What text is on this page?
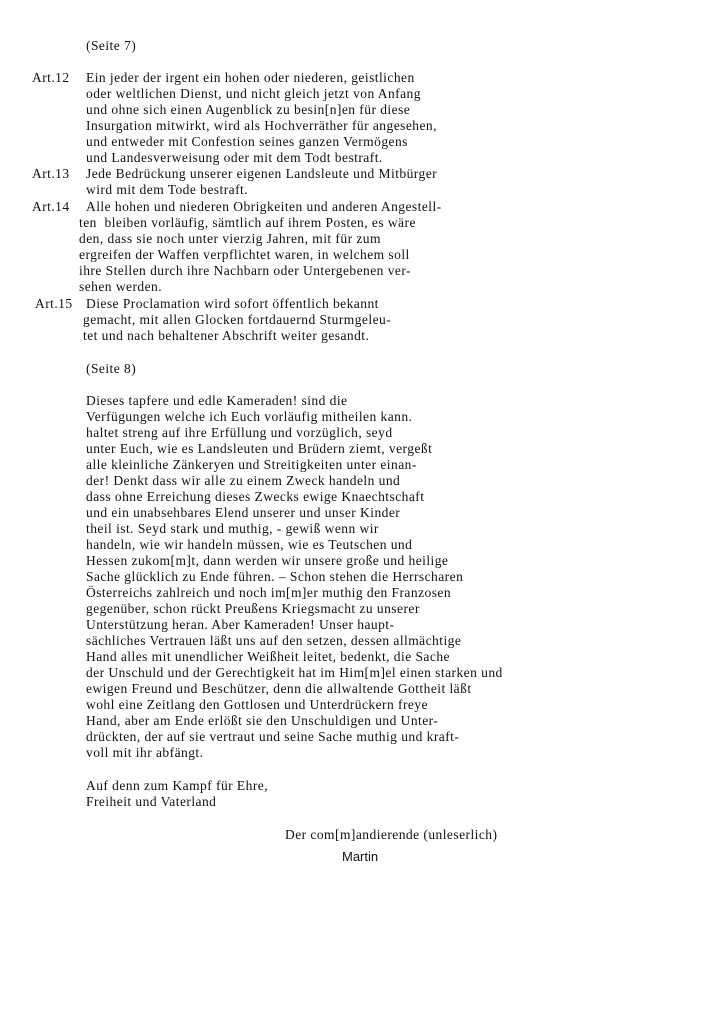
(Seite 7)
Art.12 Ein jeder der irgent ein hohen oder niederen, geistlichen
oder weltlichen Dienst, und nicht gleich jetzt von Anfang
und ohne sich einen Augenblick zu besin[n]en für diese
Insurgation mitwirkt, wird als Hochverräther für angesehen,
und entweder mit Confestion seines ganzen Vermögens
und Landesverweisung oder mit dem Todt bestraft.
Art.13 Jede Bedrückung unserer eigenen Landsleute und Mitbürger
wird mit dem Tode bestraft.
Art.14 Alle hohen und niederen Obrigkeiten und anderen Angestell-
ten  bleiben vorläufig, sämtlich auf ihrem Posten, es wäre
den, dass sie noch unter vierzig Jahren, mit für zum
ergreifen der Waffen verpflichtet waren, in welchem soll
ihre Stellen durch ihre Nachbarn oder Untergebenen ver-
sehen werden.
Art.15 Diese Proclamation wird sofort öffentlich bekannt
gemacht, mit allen Glocken fortdauernd Sturmgeleu-
tet und nach behaltener Abschrift weiter gesandt.
(Seite 8)
Dieses tapfere und edle Kameraden! sind die
Verfügungen welche ich Euch vorläufig mitheilen kann.
haltet streng auf ihre Erfüllung und vorzüglich, seyd
unter Euch, wie es Landsleuten und Brüdern ziemt, vergeßt
alle kleinliche Zänkeryen und Streitigkeiten unter einan-
der! Denkt dass wir alle zu einem Zweck handeln und
dass ohne Erreichung dieses Zwecks ewige Knaechtschaft
und ein unabsehbares Elend unserer und unser Kinder
theil ist. Seyd stark und muthig, - gewiß wenn wir
handeln, wie wir handeln müssen, wie es Teutschen und
Hessen zukom[m]t, dann werden wir unsere große und heilige
Sache glücklich zu Ende führen. – Schon stehen die Herrscharen
Österreichs zahlreich und noch im[m]er muthig den Franzosen
gegenüber, schon rückt Preußens Kriegsmacht zu unserer
Unterstützung heran. Aber Kameraden! Unser haupt-
sächliches Vertrauen läßt uns auf den setzen, dessen allmächtige
Hand alles mit unendlicher Weißheit leitet, bedenkt, die Sache
der Unschuld und der Gerechtigkeit hat im Him[m]el einen starken und
ewigen Freund und Beschützer, denn die allwaltende Gottheit läßt
wohl eine Zeitlang den Gottlosen und Unterdrückern freye
Hand, aber am Ende erlößt sie den Unschuldigen und Unter-
drückten, der auf sie vertraut und seine Sache muthig und kraft-
voll mit ihr abfängt.
Auf denn zum Kampf für Ehre,
Freiheit und Vaterland
Der com[m]andierende (unleserlich)
Martin
